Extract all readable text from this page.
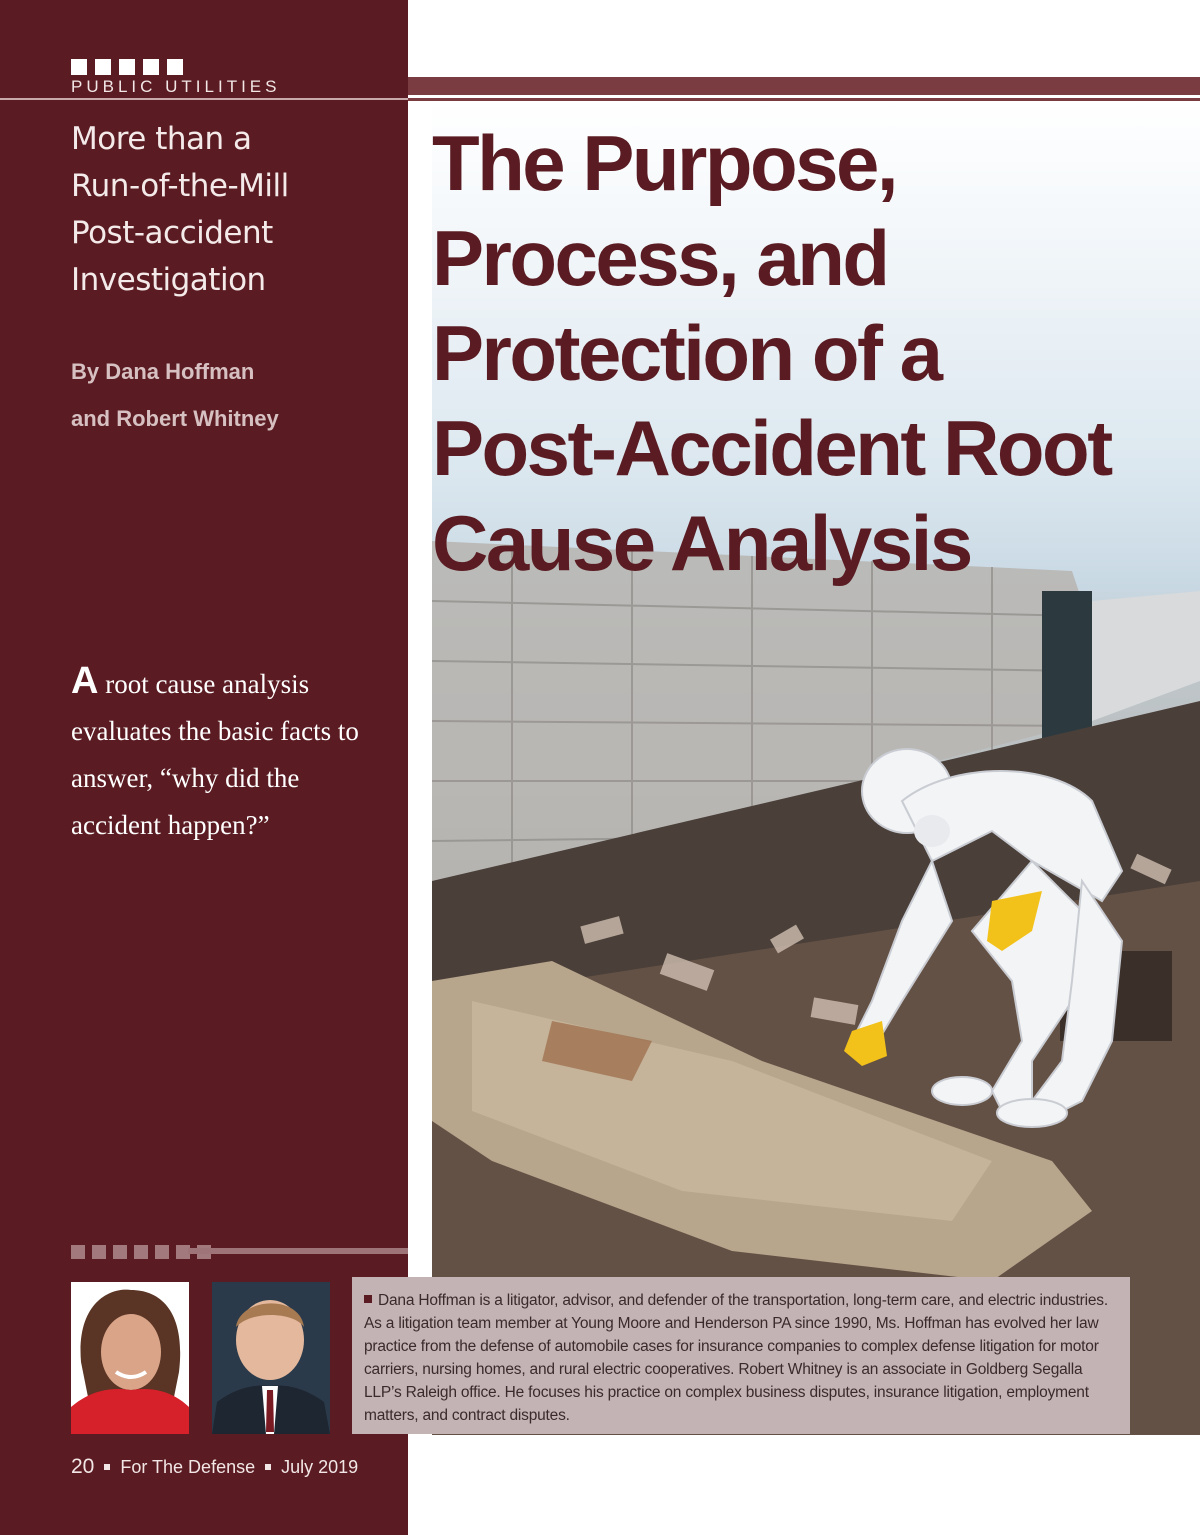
PUBLIC UTILITIES
More than a
Run-of-the-Mill
Post-accident
Investigation
By Dana Hoffman
and Robert Whitney
The Purpose,
Process, and
Protection of a
Post-Accident Root
Cause Analysis
A root cause analysis evaluates the basic facts to answer, “why did the accident happen?”
Dana Hoffman is a litigator, advisor, and defender of the transportation, long-term care, and electric industries. As a litigation team member at Young Moore and Henderson PA since 1990, Ms. Hoffman has evolved her law practice from the defense of automobile cases for insurance companies to complex defense litigation for motor carriers, nursing homes, and rural electric cooperatives. Robert Whitney is an associate in Goldberg Segalla LLP’s Raleigh office. He focuses his practice on complex business disputes, insurance litigation, employment matters, and contract disputes.
20 For The Defense July 2019
